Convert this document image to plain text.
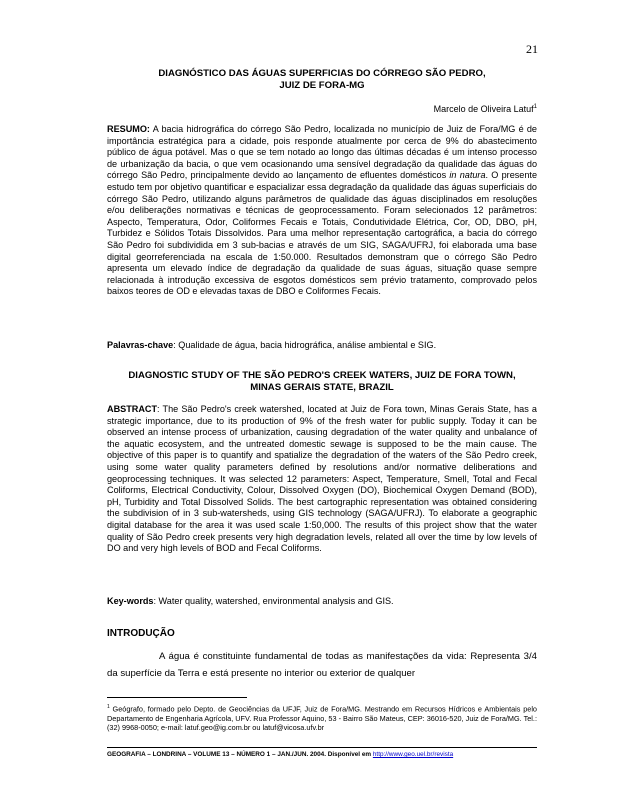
21
DIAGNÓSTICO DAS ÁGUAS SUPERFICIAS DO CÓRREGO SÃO PEDRO,
JUIZ DE FORA-MG
Marcelo de Oliveira Latuf$^1$
RESUMO: A bacia hidrográfica do córrego São Pedro, localizada no município de Juiz de Fora/MG é de importância estratégica para a cidade, pois responde atualmente por cerca de 9% do abastecimento público de água potável. Mas o que se tem notado ao longo das últimas décadas é um intenso processo de urbanização da bacia, o que vem ocasionando uma sensível degradação da qualidade das águas do córrego São Pedro, principalmente devido ao lançamento de efluentes domésticos in natura. O presente estudo tem por objetivo quantificar e espacializar essa degradação da qualidade das águas superficiais do córrego São Pedro, utilizando alguns parâmetros de qualidade das águas disciplinados em resoluções e/ou deliberações normativas e técnicas de geoprocessamento. Foram selecionados 12 parâmetros: Aspecto, Temperatura, Odor, Coliformes Fecais e Totais, Condutividade Elétrica, Cor, OD, DBO, pH, Turbidez e Sólidos Totais Dissolvidos. Para uma melhor representação cartográfica, a bacia do córrego São Pedro foi subdividida em 3 sub-bacias e através de um SIG, SAGA/UFRJ, foi elaborada uma base digital georreferenciada na escala de 1:50.000. Resultados demonstram que o córrego São Pedro apresenta um elevado índice de degradação da qualidade de suas águas, situação quase sempre relacionada à introdução excessiva de esgotos domésticos sem prévio tratamento, comprovado pelos baixos teores de OD e elevadas taxas de DBO e Coliformes Fecais.
Palavras-chave: Qualidade de água, bacia hidrográfica, análise ambiental e SIG.
DIAGNOSTIC STUDY OF THE SÃO PEDRO'S CREEK WATERS, JUIZ DE FORA TOWN,
MINAS GERAIS STATE, BRAZIL
ABSTRACT: The São Pedro's creek watershed, located at Juiz de Fora town, Minas Gerais State, has a strategic importance, due to its production of 9% of the fresh water for public supply. Today it can be observed an intense process of urbanization, causing degradation of the water quality and unbalance of the aquatic ecosystem, and the untreated domestic sewage is supposed to be the main cause. The objective of this paper is to quantify and spatialize the degradation of the waters of the São Pedro creek, using some water quality parameters defined by resolutions and/or normative deliberations and geoprocessing techniques. It was selected 12 parameters: Aspect, Temperature, Smell, Total and Fecal Coliforms, Electrical Conductivity, Colour, Dissolved Oxygen (DO), Biochemical Oxygen Demand (BOD), pH, Turbidity and Total Dissolved Solids. The best cartographic representation was obtained considering the subdivision of in 3 sub-watersheds, using GIS technology (SAGA/UFRJ). To elaborate a geographic digital database for the area it was used scale 1:50,000. The results of this project show that the water quality of São Pedro creek presents very high degradation levels, related all over the time by low levels of DO and very high levels of BOD and Fecal Coliforms.
Key-words: Water quality, watershed, environmental analysis and GIS.
INTRODUÇÃO
A água é constituinte fundamental de todas as manifestações da vida: Representa 3/4 da superfície da Terra e está presente no interior ou exterior de qualquer
$^1$ Geógrafo, formado pelo Depto. de Geociências da UFJF, Juiz de Fora/MG. Mestrando em Recursos Hídricos e Ambientais pelo Departamento de Engenharia Agrícola, UFV. Rua Professor Aquino, 53 - Bairro São Mateus, CEP: 36016-520, Juiz de Fora/MG. Tel.: (32) 9968-0050; e-mail: latuf.geo@ig.com.br ou latuf@vicosa.ufv.br
GEOGRAFIA – LONDRINA – VOLUME 13 – NÚMERO 1 – JAN./JUN. 2004. Disponível em http://www.geo.uel.br/revista
